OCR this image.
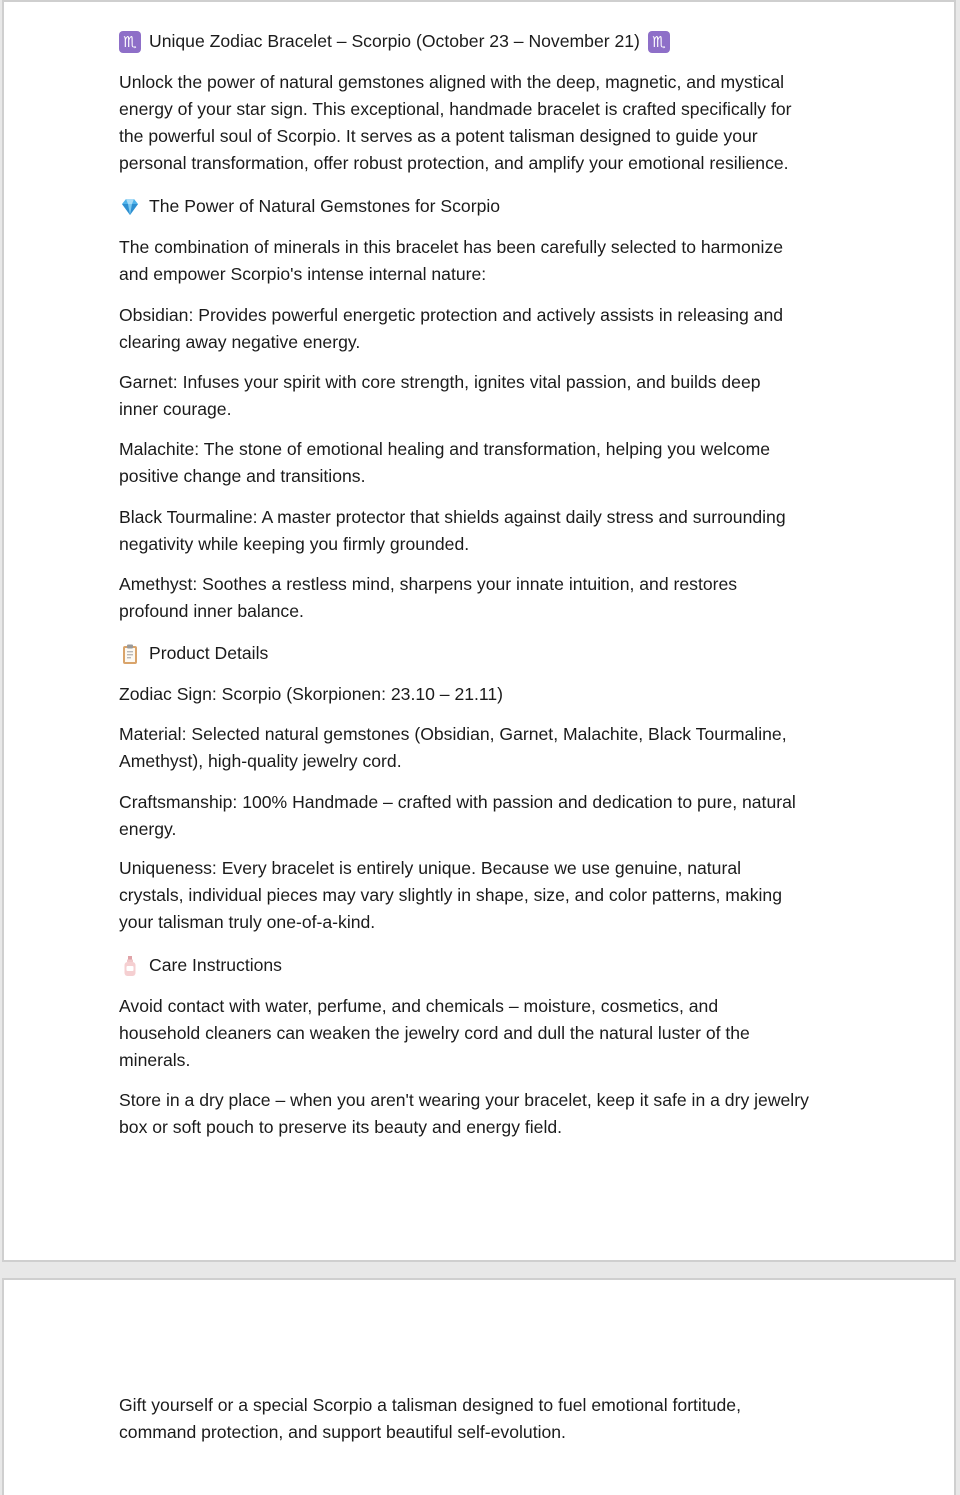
♏ Unique Zodiac Bracelet – Scorpio (October 23 – November 21) ♏

Unlock the power of natural gemstones aligned with the deep, magnetic, and mystical
energy of your star sign. This exceptional, handmade bracelet is crafted specifically for
the powerful soul of Scorpio. It serves as a potent talisman designed to guide your
personal transformation, offer robust protection, and amplify your emotional resilience.

The Power of Natural Gemstones for Scorpio

The combination of minerals in this bracelet has been carefully selected to harmonize
and empower Scorpio's intense internal nature:

Obsidian: Provides powerful energetic protection and actively assists in releasing and
clearing away negative energy.

Garnet: Infuses your spirit with core strength, ignites vital passion, and builds deep
inner courage.

Malachite: The stone of emotional healing and transformation, helping you welcome
positive change and transitions.

Black Tourmaline: A master protector that shields against daily stress and surrounding
negativity while keeping you firmly grounded.

Amethyst: Soothes a restless mind, sharpens your innate intuition, and restores
profound inner balance.

Product Details

Zodiac Sign: Scorpio (Skorpionen: 23.10 – 21.11)

Material: Selected natural gemstones (Obsidian, Garnet, Malachite, Black Tourmaline,
Amethyst), high-quality jewelry cord.

Craftsmanship: 100% Handmade – crafted with passion and dedication to pure, natural
energy.

Uniqueness: Every bracelet is entirely unique. Because we use genuine, natural
crystals, individual pieces may vary slightly in shape, size, and color patterns, making
your talisman truly one-of-a-kind.

Care Instructions

Avoid contact with water, perfume, and chemicals – moisture, cosmetics, and
household cleaners can weaken the jewelry cord and dull the natural luster of the
minerals.

Store in a dry place – when you aren't wearing your bracelet, keep it safe in a dry jewelry
box or soft pouch to preserve its beauty and energy field.

Gift yourself or a special Scorpio a talisman designed to fuel emotional fortitude,
command protection, and support beautiful self-evolution.
